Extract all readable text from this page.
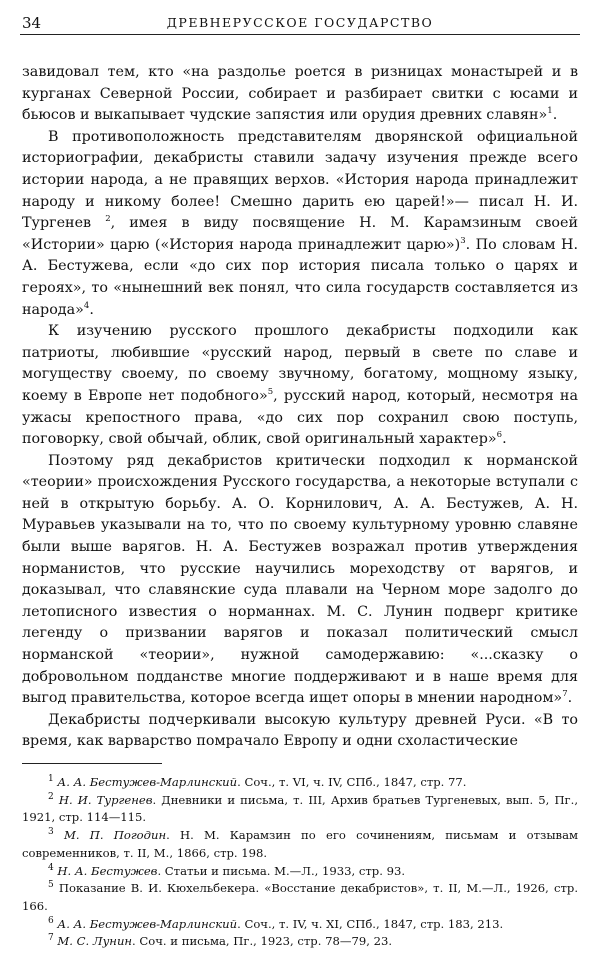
34	ДРЕВНЕРУССКОЕ ГОСУДАРСТВО

завидовал тем, кто «на раздолье роется в ризницах монастырей и в курганах Северной России, собирает и разбирает свитки с юсами и бьюсов и выкапывает чудские запястия или орудия древних славян»$^1$.

В противоположность представителям дворянской официальной историографии, декабристы ставили задачу изучения прежде всего истории народа, а не правящих верхов. «История народа принадлежит народу и никому более! Смешно дарить ею царей!»— писал Н. И. Тургенев $^2$, имея в виду посвящение Н. М. Карамзиным своей «Истории» царю («История народа принадлежит царю»)$^3$. По словам Н. А. Бестужева, если «до сих пор история писала только о царях и героях», то «нынешний век понял, что сила государств составляется из народа»$^4$.

К изучению русского прошлого декабристы подходили как патриоты, любившие «русский народ, первый в свете по славе и могуществу своему, по своему звучному, богатому, мощному языку, коему в Европе нет подобного»$^5$, русский народ, который, несмотря на ужасы крепостного права, «до сих пор сохранил свою поступь, поговорку, свой обычай, облик, свой оригинальный характер»$^6$.

Поэтому ряд декабристов критически подходил к норманской «теории» происхождения Русского государства, а некоторые вступали с ней в открытую борьбу. А. О. Корнилович, А. А. Бестужев, А. Н. Муравьев указывали на то, что по своему культурному уровню славяне были выше варягов. Н. А. Бестужев возражал против утверждения норманистов, что русские научились мореходству от варягов, и доказывал, что славянские суда плавали на Черном море задолго до летописного известия о норманнах. М. С. Лунин подверг критике легенду о призвании варягов и показал политический смысл норманской «теории», нужной самодержавию: «...сказку о добровольном подданстве многие поддерживают и в наше время для выгод правительства, которое всегда ищет опоры в мнении народном»$^7$.

Декабристы подчеркивали высокую культуру древней Руси. «В то время, как варварство помрачало Европу и одни схоластические

$^1$ А. А. Бестужев-Марлинский. Соч., т. VI, ч. IV, СПб., 1847, стр. 77.

$^2$ Н. И. Тургенев. Дневники и письма, т. III, Архив братьев Тургеневых, вып. 5, Пг., 1921, стр. 114—115.

$^3$ М. П. Погодин. Н. М. Карамзин по его сочинениям, письмам и отзывам современников, т. II, М., 1866, стр. 198.

$^4$ Н. А. Бестужев. Статьи и письма. М.—Л., 1933, стр. 93.

$^5$ Показание В. И. Кюхельбекера. «Восстание декабристов», т. II, М.—Л., 1926, стр. 166.

$^6$ А. А. Бестужев-Марлинский. Соч., т. IV, ч. XI, СПб., 1847, стр. 183, 213.

$^7$ М. С. Лунин. Соч. и письма, Пг., 1923, стр. 78—79, 23.
